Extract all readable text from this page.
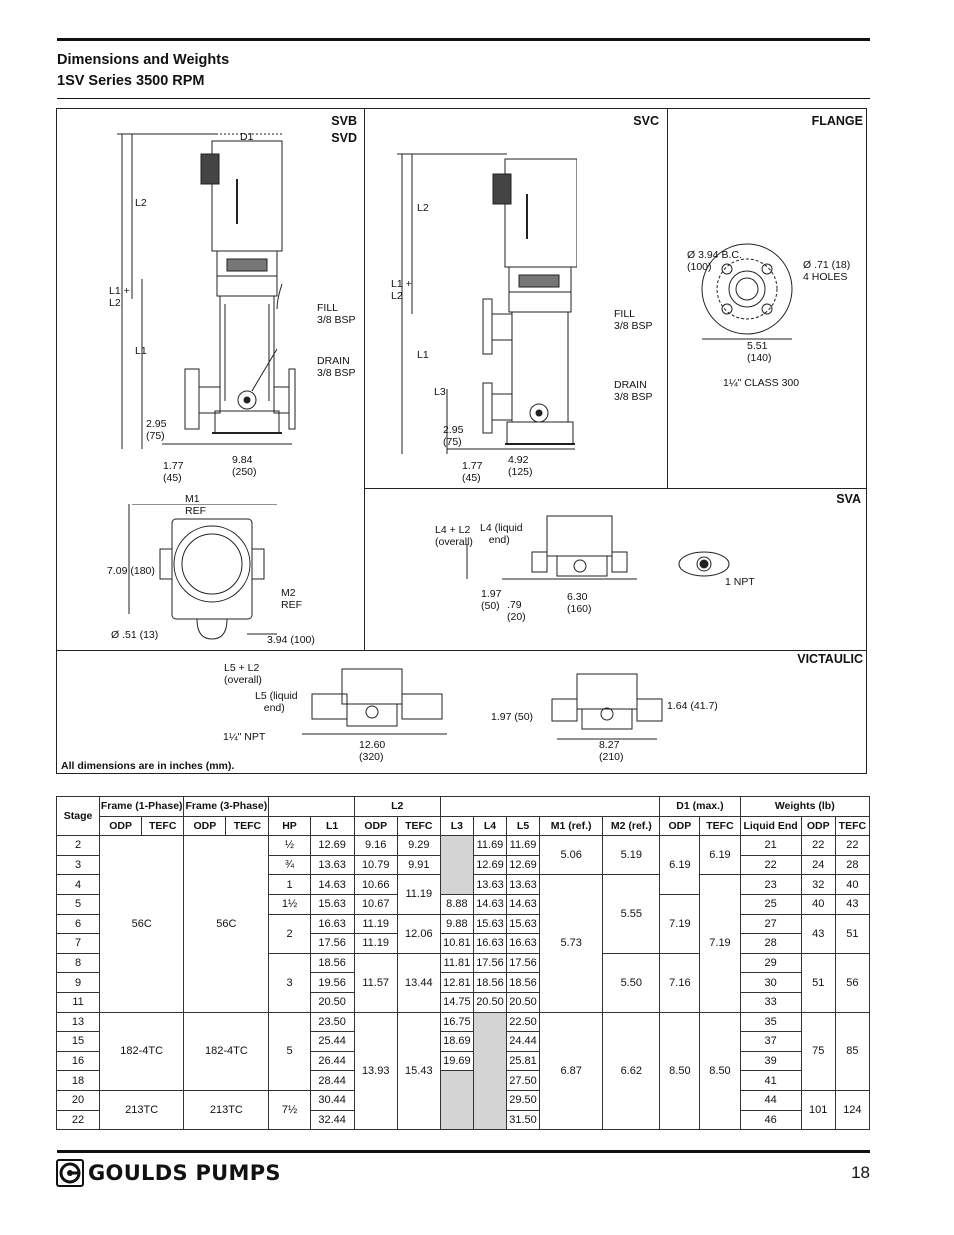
Dimensions and Weights
1SV Series 3500 RPM
SVB
SVD
SVC	FLANGE
SVA
VICTAULIC
D1
L2
L1 +
L2
L1
FILL
3/8 BSP
DRAIN
3/8 BSP
2.95
(75)
1.77
(45)
9.84
(250)
L2
L1 +
L2
L1
L3
FILL
3/8 BSP
DRAIN
3/8 BSP
2.95
(75)
1.77
(45)
4.92
(125)
Ø 3.94 B.C.
(100)	Ø .71 (18)
4 HOLES
5.51
(140)
1¼" CLASS 300
M1
REF
7.09 (180)
M2
REF
Ø .51 (13)	3.94 (100)
L4 + L2
(overall)
L4 (liquid
end)
1.97
(50) .79
(20)
6.30
(160)
1 NPT
L5 + L2
(overall)
L5 (liquid
end)
1¼" NPT
12.60
(320)
1.97 (50)
1.64 (41.7)
8.27
(210)
All dimensions are in inches (mm).
Stage	Frame (1-Phase)		Frame (3-Phase)				L2							D1 (max.)		Weights (lb)		
	ODP	TEFC	ODP	TEFC	HP	L1	ODP	TEFC	L3	L4	L5	M1 (ref.)	M2 (ref.)	ODP	TEFC	Liquid End	ODP	TEFC
2	56C		56C		½	12.69	9.16	9.29		11.69	11.69	5.06	5.19	6.19	6.19	21	22	22
3					¾	13.63	10.79	9.91		12.69	12.69					22	24	28
4					1	14.63	10.66	11.19		13.63	13.63	5.73	5.55		7.19	23	32	40
5					1½	15.63	10.67		8.88	14.63	14.63			7.19		25	40	43
6					2	16.63	11.19	12.06	9.88	15.63	15.63					27	43	51
7						17.56	11.19		10.81	16.63	16.63					28		
8					3	18.56	11.57	13.44	11.81	17.56	17.56		5.50	7.16		29	51	56
9						19.56			12.81	18.56	18.56					30		
11						20.50			14.75	20.50	20.50					33		
13	182-4TC		182-4TC		5	23.50	13.93	15.43	16.75		22.50	6.87	6.62	8.50	8.50	35	75	85
15						25.44			18.69		24.44					37		
16						26.44			19.69		25.81					39		
18						28.44					27.50					41		
20	213TC		213TC		7½	30.44					29.50					44	101	124
22						32.44					31.50					46		
GOULDS PUMPS	18
